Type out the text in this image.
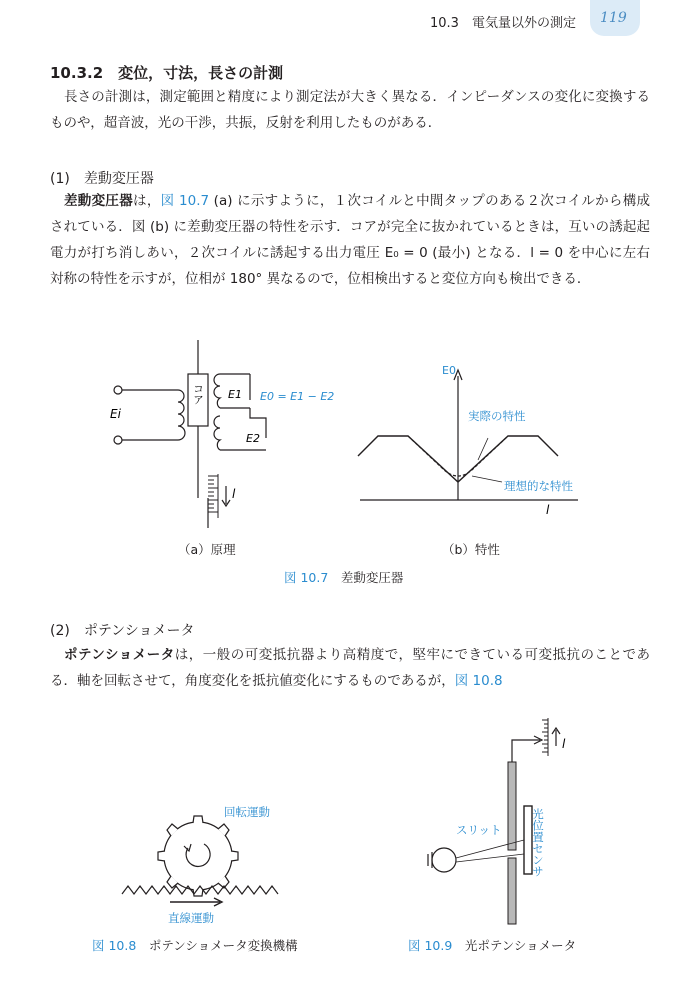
10.3　電気量以外の測定 119
10.3.2　変位，寸法，長さの計測
長さの計測は，測定範囲と精度により測定法が大きく異なる．インピーダンスの変化に変換するものや，超音波，光の干渉，共振，反射を利用したものがある．
(1)　差動変圧器
差動変圧器は，図 10.7 (a) に示すように，１次コイルと中間タップのある２次コイルから構成されている．図 (b) に差動変圧器の特性を示す．コアが完全に抜かれているときは，互いの誘起起電力が打ち消しあい，２次コイルに誘起する出力電圧 E₀ = 0 (最小) となる．l = 0 を中心に左右対称の特性を示すが，位相が 180° 異なるので，位相検出すると変位方向も検出できる．
コア
Ei
E1
E2
E0 = E1 − E2
l
E0
l
実際の特性
理想的な特性
（a）原理	（b）特性
図 10.7　 差動変圧器
(2)　ポテンショメータ
ポテンショメータは，一般の可変抵抗器より高精度で，堅牢にできている可変抵抗のことである．軸を回転させて，角度変化を抵抗値変化にするものであるが，図 10.8
回転運動
直線運動
l
スリット	光位置センサ
図 10.8　 ポテンショメータ変換機構	図 10.9　 光ポテンショメータ
